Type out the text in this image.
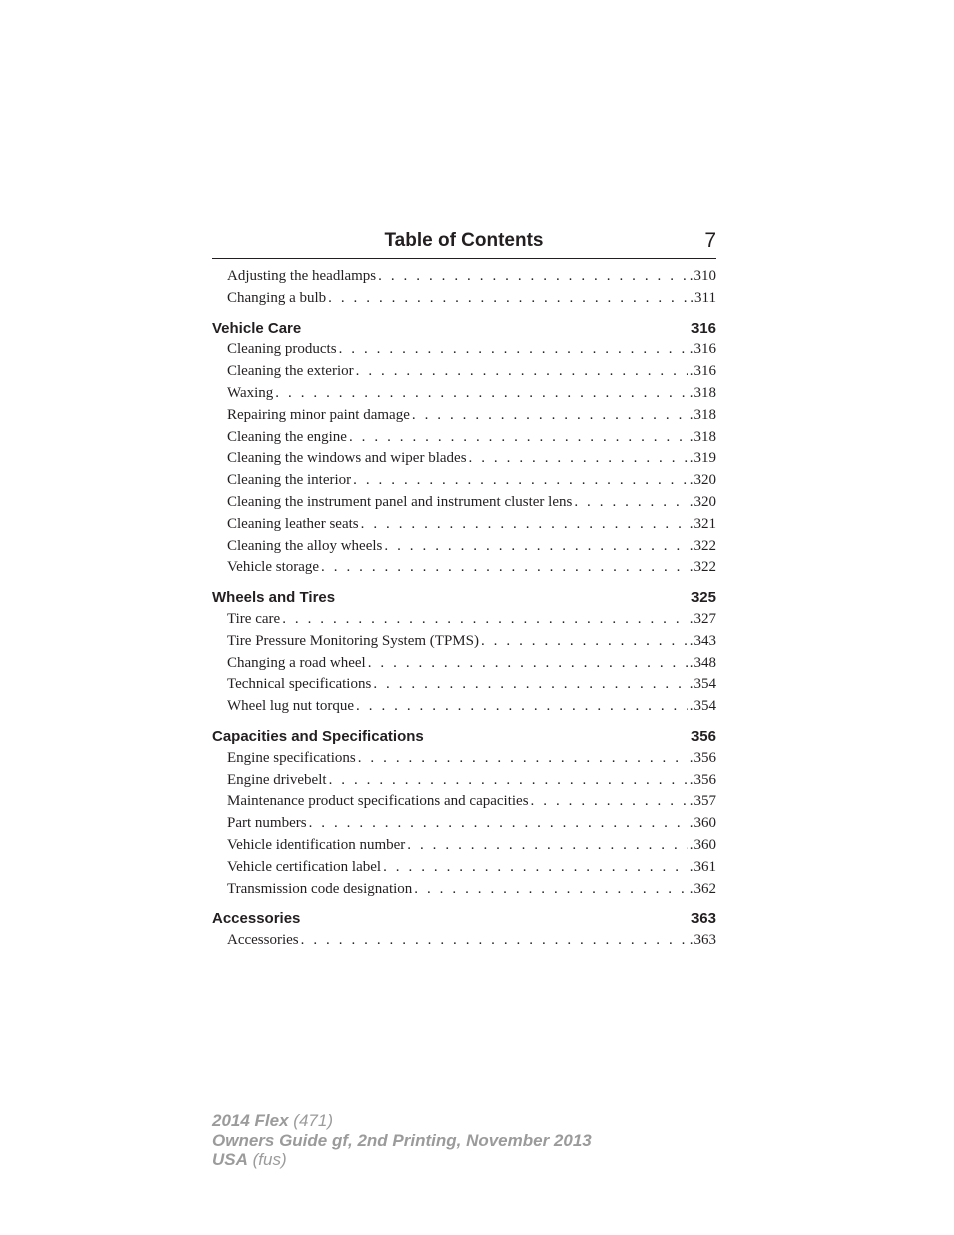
Table of Contents	7
Adjusting the headlamps . . .	.310
Changing a bulb . . .	.311
Vehicle Care	316
Cleaning products . . .	.316
Cleaning the exterior . . .	.316
Waxing . . .	.318
Repairing minor paint damage . . .	.318
Cleaning the engine . . .	.318
Cleaning the windows and wiper blades . . .	.319
Cleaning the interior . . .	.320
Cleaning the instrument panel and instrument cluster lens . . .	.320
Cleaning leather seats . . .	.321
Cleaning the alloy wheels . . .	.322
Vehicle storage . . .	.322
Wheels and Tires	325
Tire care . . .	.327
Tire Pressure Monitoring System (TPMS) . . .	.343
Changing a road wheel . . .	.348
Technical specifications . . .	.354
Wheel lug nut torque . . .	.354
Capacities and Specifications	356
Engine specifications . . .	.356
Engine drivebelt . . .	.356
Maintenance product specifications and capacities . . .	.357
Part numbers . . .	.360
Vehicle identification number . . .	.360
Vehicle certification label . . .	.361
Transmission code designation . . .	.362
Accessories	363
Accessories . . .	.363
2014 Flex (471)
Owners Guide gf, 2nd Printing, November 2013
USA (fus)
